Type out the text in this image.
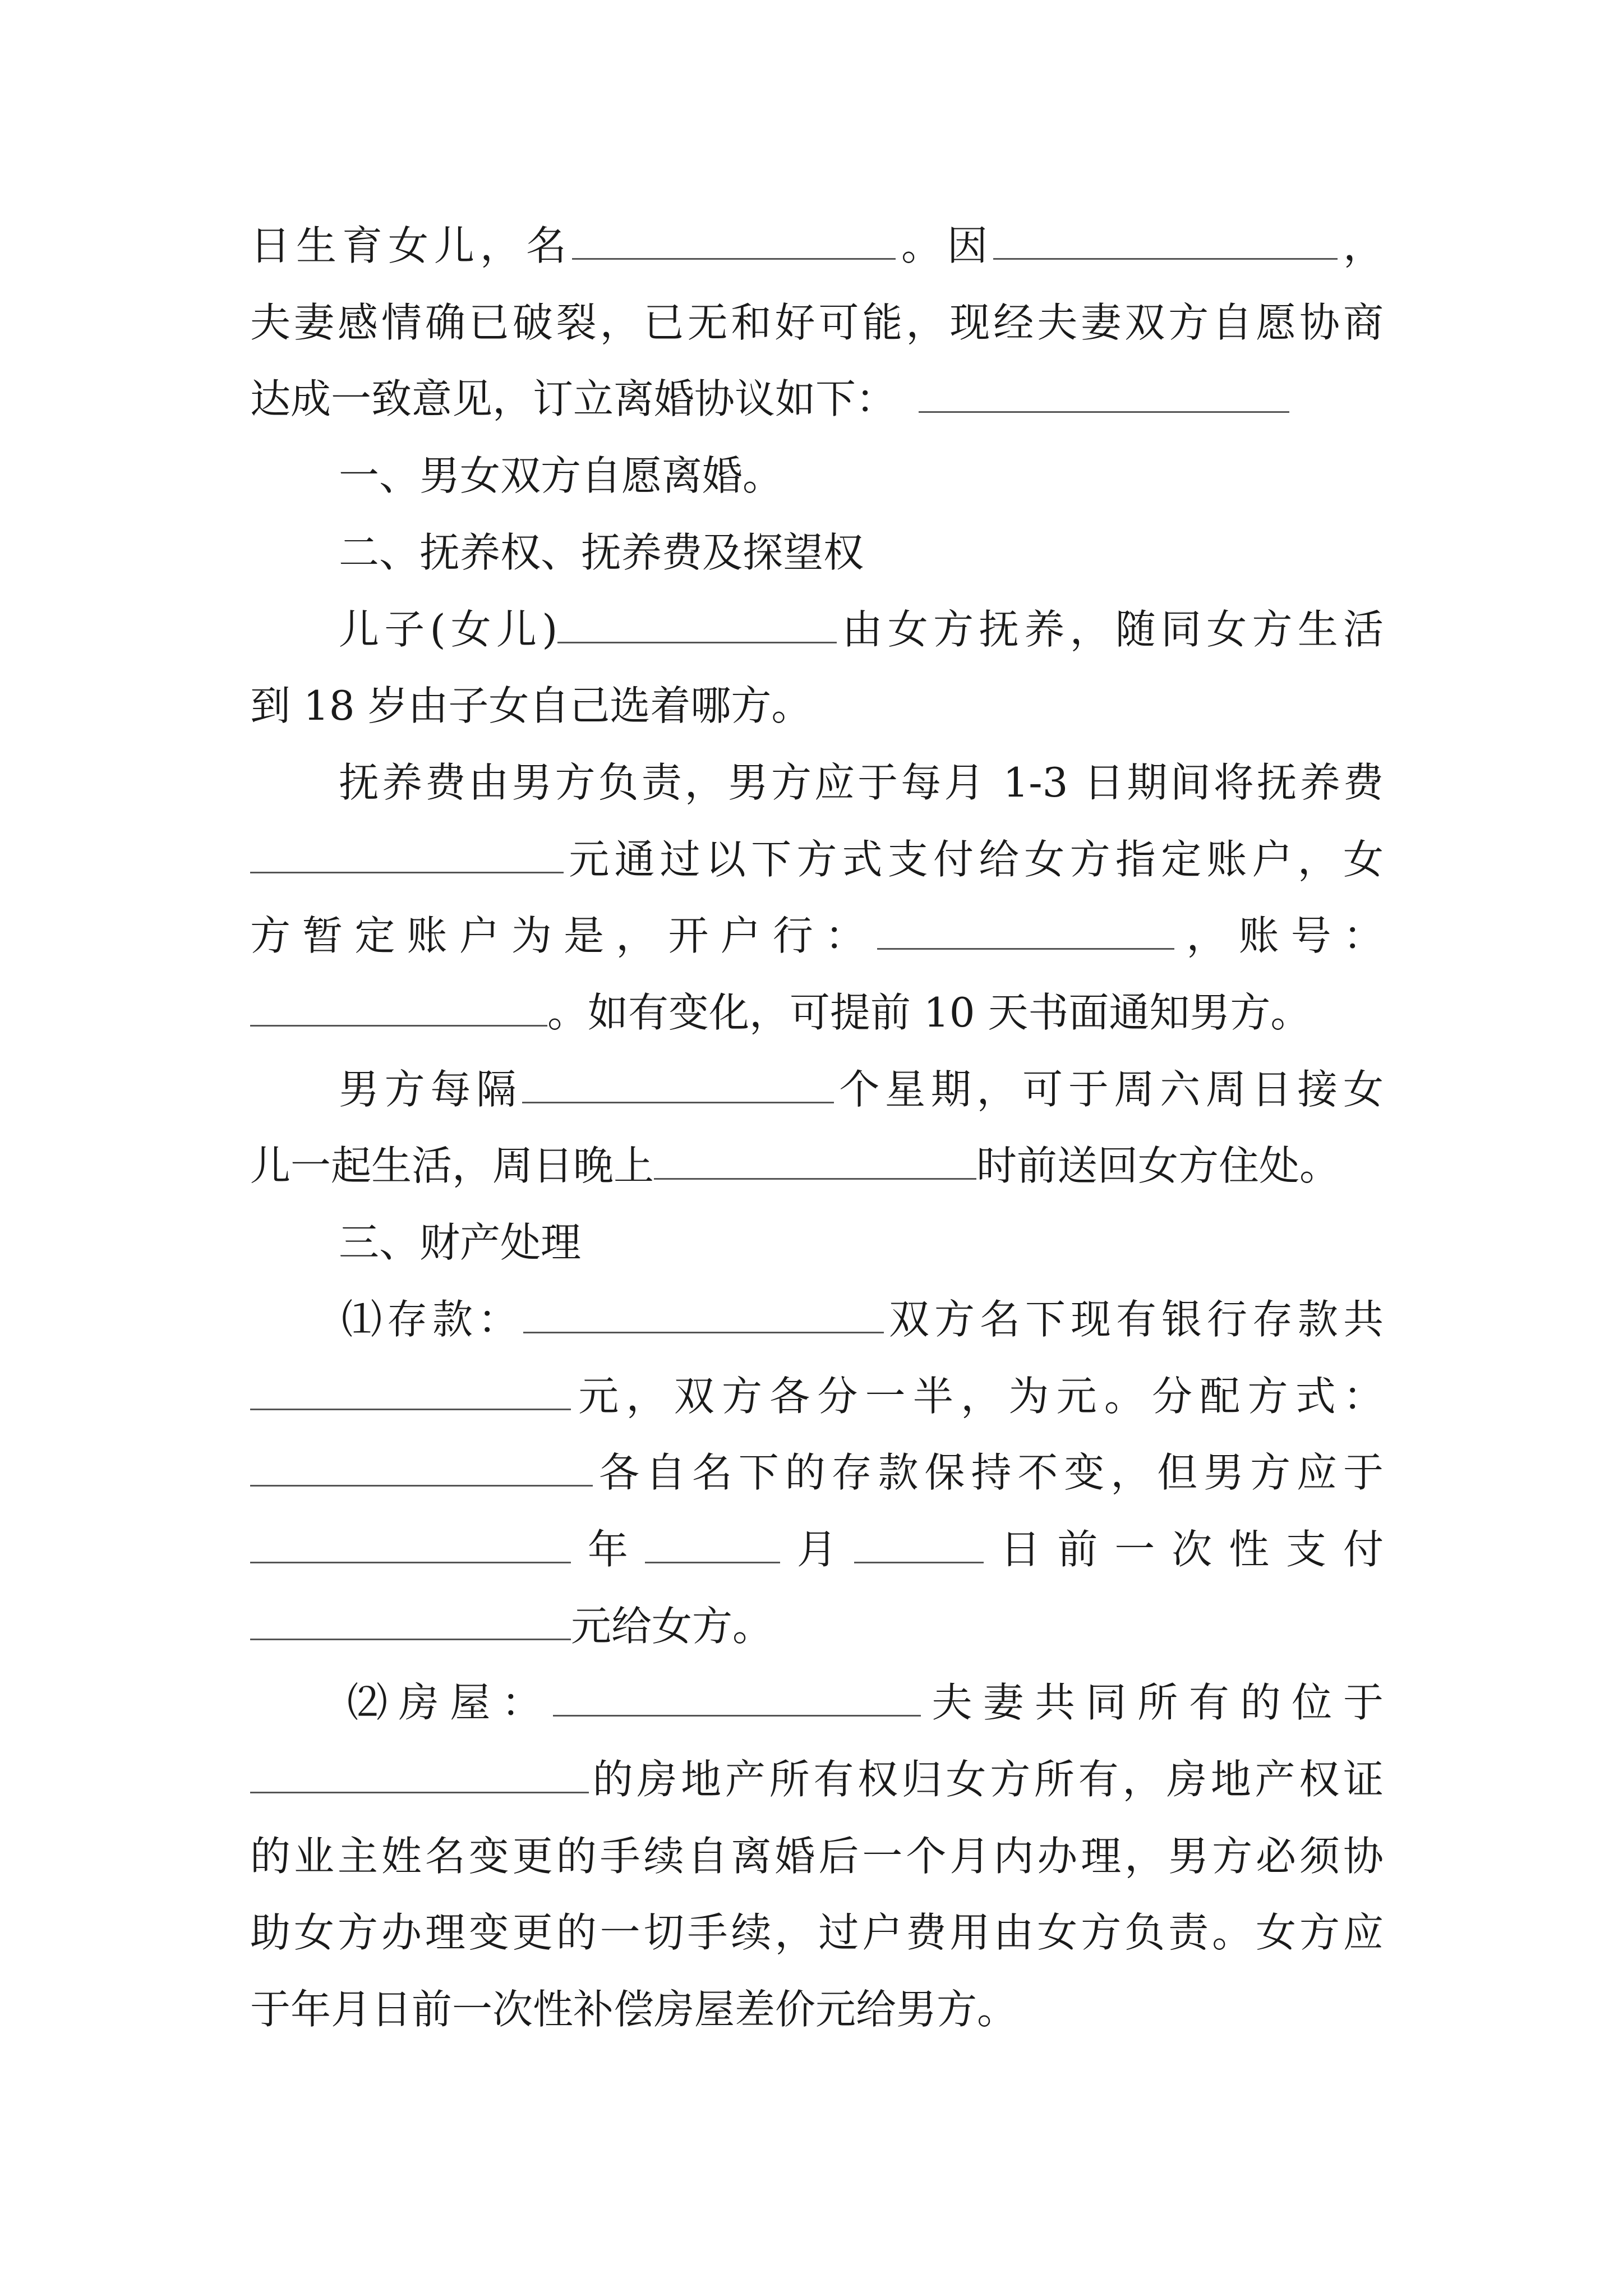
日生育女儿，名	。因	，
夫妻感情确已破裂，已无和好可能，现经夫妻双方自愿协商
达成一致意见，订立离婚协议如下：
一、男女双方自愿离婚。
二、抚养权、抚养费及探望权
儿子(女儿)	由女方抚养，随同女方生活
到 18 岁由子女自己选着哪方。
抚养费由男方负责，男方应于每月 1-3 日期间将抚养费
元通过以下方式支付给女方指定账户，女
方暂定账户为是，开户行：	，账号：
。如有变化，可提前 10 天书面通知男方。
男方每隔	个星期，可于周六周日接女
儿一起生活，周日晚上	时前送回女方住处。
三、财产处理
⑴存款：	双方名下现有银行存款共
元，双方各分一半，为元。分配方式：
各自名下的存款保持不变，但男方应于
年	月	日前一次性支付
元给女方。
⑵房屋：	夫妻共同所有的位于
的房地产所有权归女方所有，房地产权证
的业主姓名变更的手续自离婚后一个月内办理，男方必须协
助女方办理变更的一切手续，过户费用由女方负责。女方应
于年月日前一次性补偿房屋差价元给男方。
